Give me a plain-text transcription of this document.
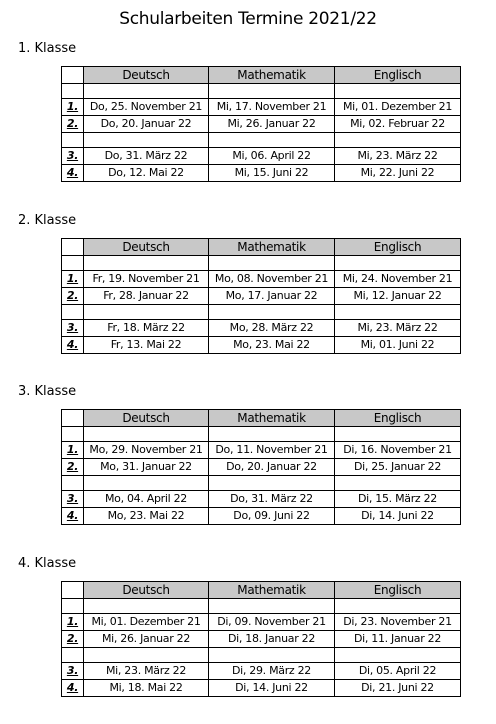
Schularbeiten Termine 2021/22
1. Klasse
	Deutsch	Mathematik	Englisch

1.	Do, 25. November 21	Mi, 17. November 21	Mi, 01. Dezember 21
2.	Do, 20. Januar 22	Mi, 26. Januar 22	Mi, 02. Februar 22

3.	Do, 31. März 22	Mi, 06. April 22	Mi, 23. März 22
4.	Do, 12. Mai 22	Mi, 15. Juni 22	Mi, 22. Juni 22
2. Klasse
	Deutsch	Mathematik	Englisch

1.	Fr, 19. November 21	Mo, 08. November 21	Mi, 24. November 21
2.	Fr, 28. Januar 22	Mo, 17. Januar 22	Mi, 12. Januar 22

3.	Fr, 18. März 22	Mo, 28. März 22	Mi, 23. März 22
4.	Fr, 13. Mai 22	Mo, 23. Mai 22	Mi, 01. Juni 22
3. Klasse
	Deutsch	Mathematik	Englisch

1.	Mo, 29. November 21	Do, 11. November 21	Di, 16. November 21
2.	Mo, 31. Januar 22	Do, 20. Januar 22	Di, 25. Januar 22

3.	Mo, 04. April 22	Do, 31. März 22	Di, 15. März 22
4.	Mo, 23. Mai 22	Do, 09. Juni 22	Di, 14. Juni 22
4. Klasse
	Deutsch	Mathematik	Englisch

1.	Mi, 01. Dezember 21	Di, 09. November 21	Di, 23. November 21
2.	Mi, 26. Januar 22	Di, 18. Januar 22	Di, 11. Januar 22

3.	Mi, 23. März 22	Di, 29. März 22	Di, 05. April 22
4.	Mi, 18. Mai 22	Di, 14. Juni 22	Di, 21. Juni 22
